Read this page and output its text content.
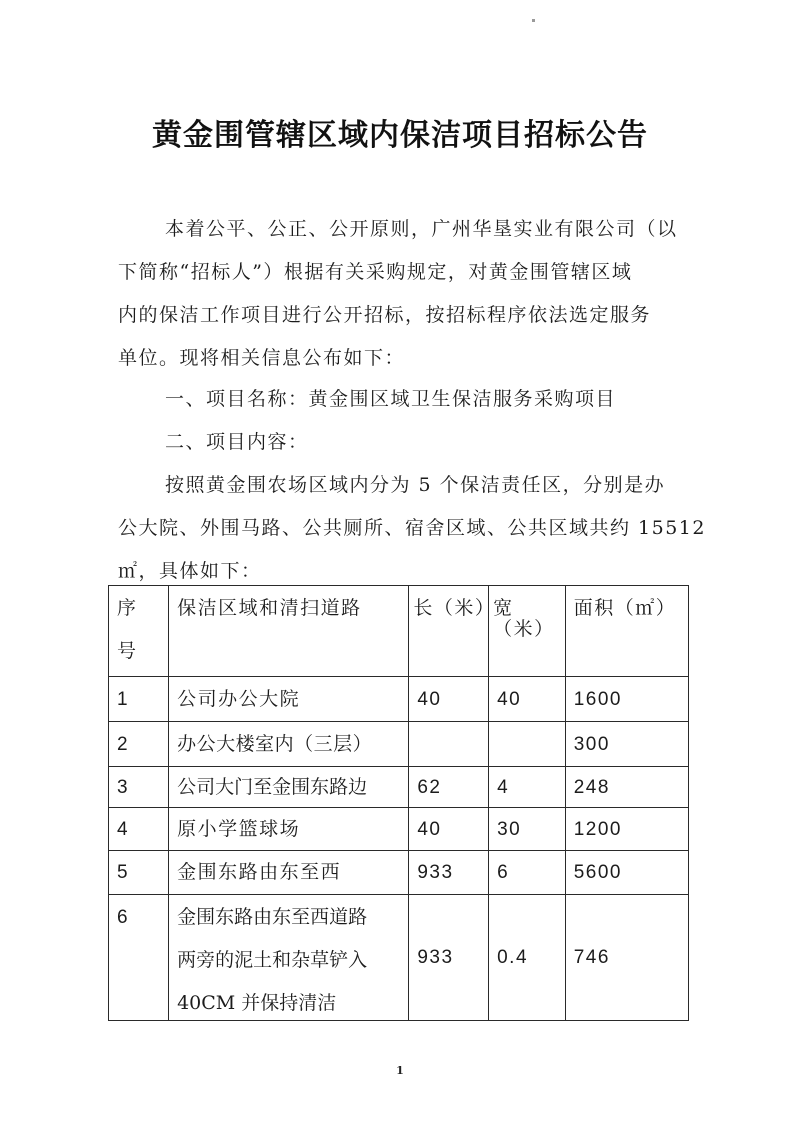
黄金围管辖区域内保洁项目招标公告
本着公平、公正、公开原则，广州华垦实业有限公司（以
下简称“招标人”）根据有关采购规定，对黄金围管辖区域
内的保洁工作项目进行公开招标，按招标程序依法选定服务
单位。现将相关信息公布如下：
一、项目名称：黄金围区域卫生保洁服务采购项目
二、项目内容：
按照黄金围农场区域内分为 5 个保洁责任区，分别是办
公大院、外围马路、公共厕所、宿舍区域、公共区域共约 15512
㎡，具体如下：
序
号	保洁区域和清扫道路	长（米）	宽（米）	面积（㎡）
1	公司办公大院	40	40	1600
2	办公大楼室内（三层）			300
3	公司大门至金围东路边	62	4	248
4	原小学篮球场	40	30	1200
5	金围东路由东至西	933	6	5600
6	金围东路由东至西道路
两旁的泥土和杂草铲入
40CM 并保持清洁	933	0.4	746
1
